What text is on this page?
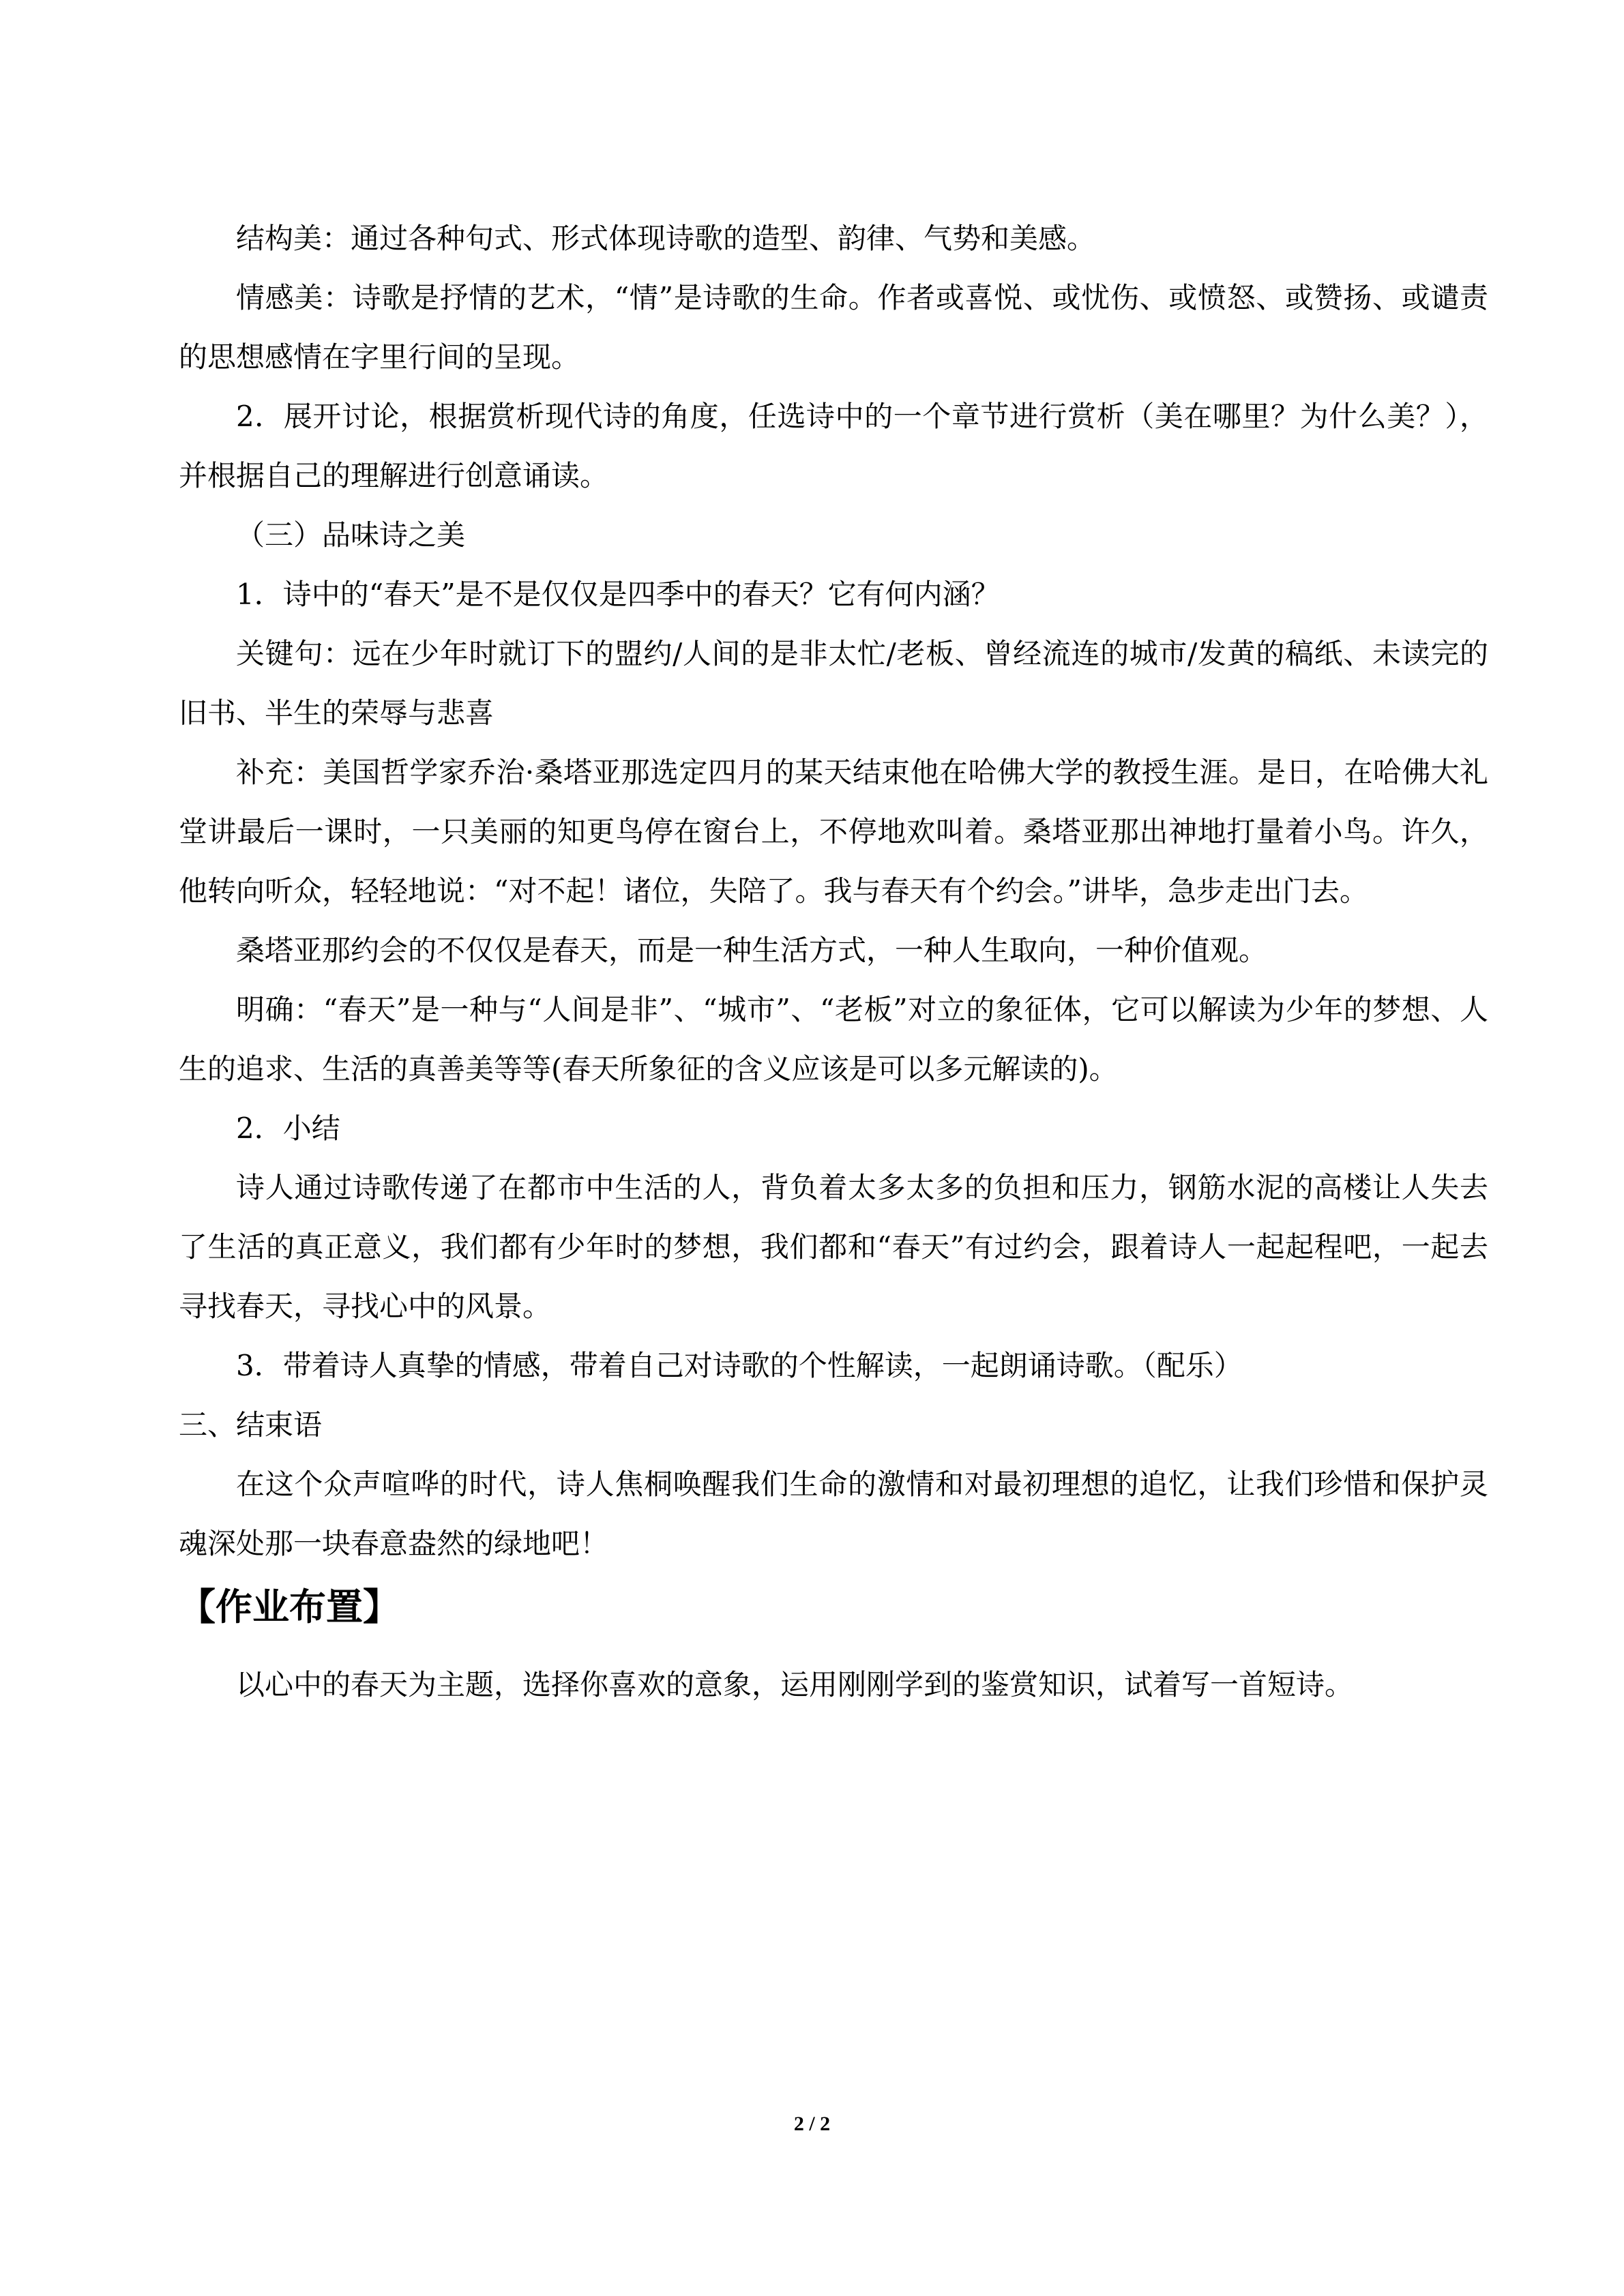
结构美：通过各种句式、形式体现诗歌的造型、韵律、气势和美感。

情感美：诗歌是抒情的艺术，“情”是诗歌的生命。作者或喜悦、或忧伤、或愤怒、或赞扬、或谴责的思想感情在字里行间的呈现。

2．展开讨论，根据赏析现代诗的角度，任选诗中的一个章节进行赏析（美在哪里？为什么美？），并根据自己的理解进行创意诵读。

（三）品味诗之美

1．诗中的“春天”是不是仅仅是四季中的春天？它有何内涵？

关键句：远在少年时就订下的盟约/人间的是非太忙/老板、曾经流连的城市/发黄的稿纸、未读完的旧书、半生的荣辱与悲喜

补充：美国哲学家乔治·桑塔亚那选定四月的某天结束他在哈佛大学的教授生涯。是日，在哈佛大礼堂讲最后一课时，一只美丽的知更鸟停在窗台上，不停地欢叫着。桑塔亚那出神地打量着小鸟。许久，他转向听众，轻轻地说：“对不起！诸位，失陪了。我与春天有个约会。”讲毕，急步走出门去。

桑塔亚那约会的不仅仅是春天，而是一种生活方式，一种人生取向，一种价值观。

明确：“春天”是一种与“人间是非”、“城市”、“老板”对立的象征体，它可以解读为少年的梦想、人生的追求、生活的真善美等等(春天所象征的含义应该是可以多元解读的)。

2．小结

诗人通过诗歌传递了在都市中生活的人，背负着太多太多的负担和压力，钢筋水泥的高楼让人失去了生活的真正意义，我们都有少年时的梦想，我们都和“春天”有过约会，跟着诗人一起起程吧，一起去寻找春天，寻找心中的风景。

3．带着诗人真挚的情感，带着自己对诗歌的个性解读，一起朗诵诗歌。（配乐）

三、结束语

在这个众声喧哗的时代，诗人焦桐唤醒我们生命的激情和对最初理想的追忆，让我们珍惜和保护灵魂深处那一块春意盎然的绿地吧！

【作业布置】

以心中的春天为主题，选择你喜欢的意象，运用刚刚学到的鉴赏知识，试着写一首短诗。

2 / 2
